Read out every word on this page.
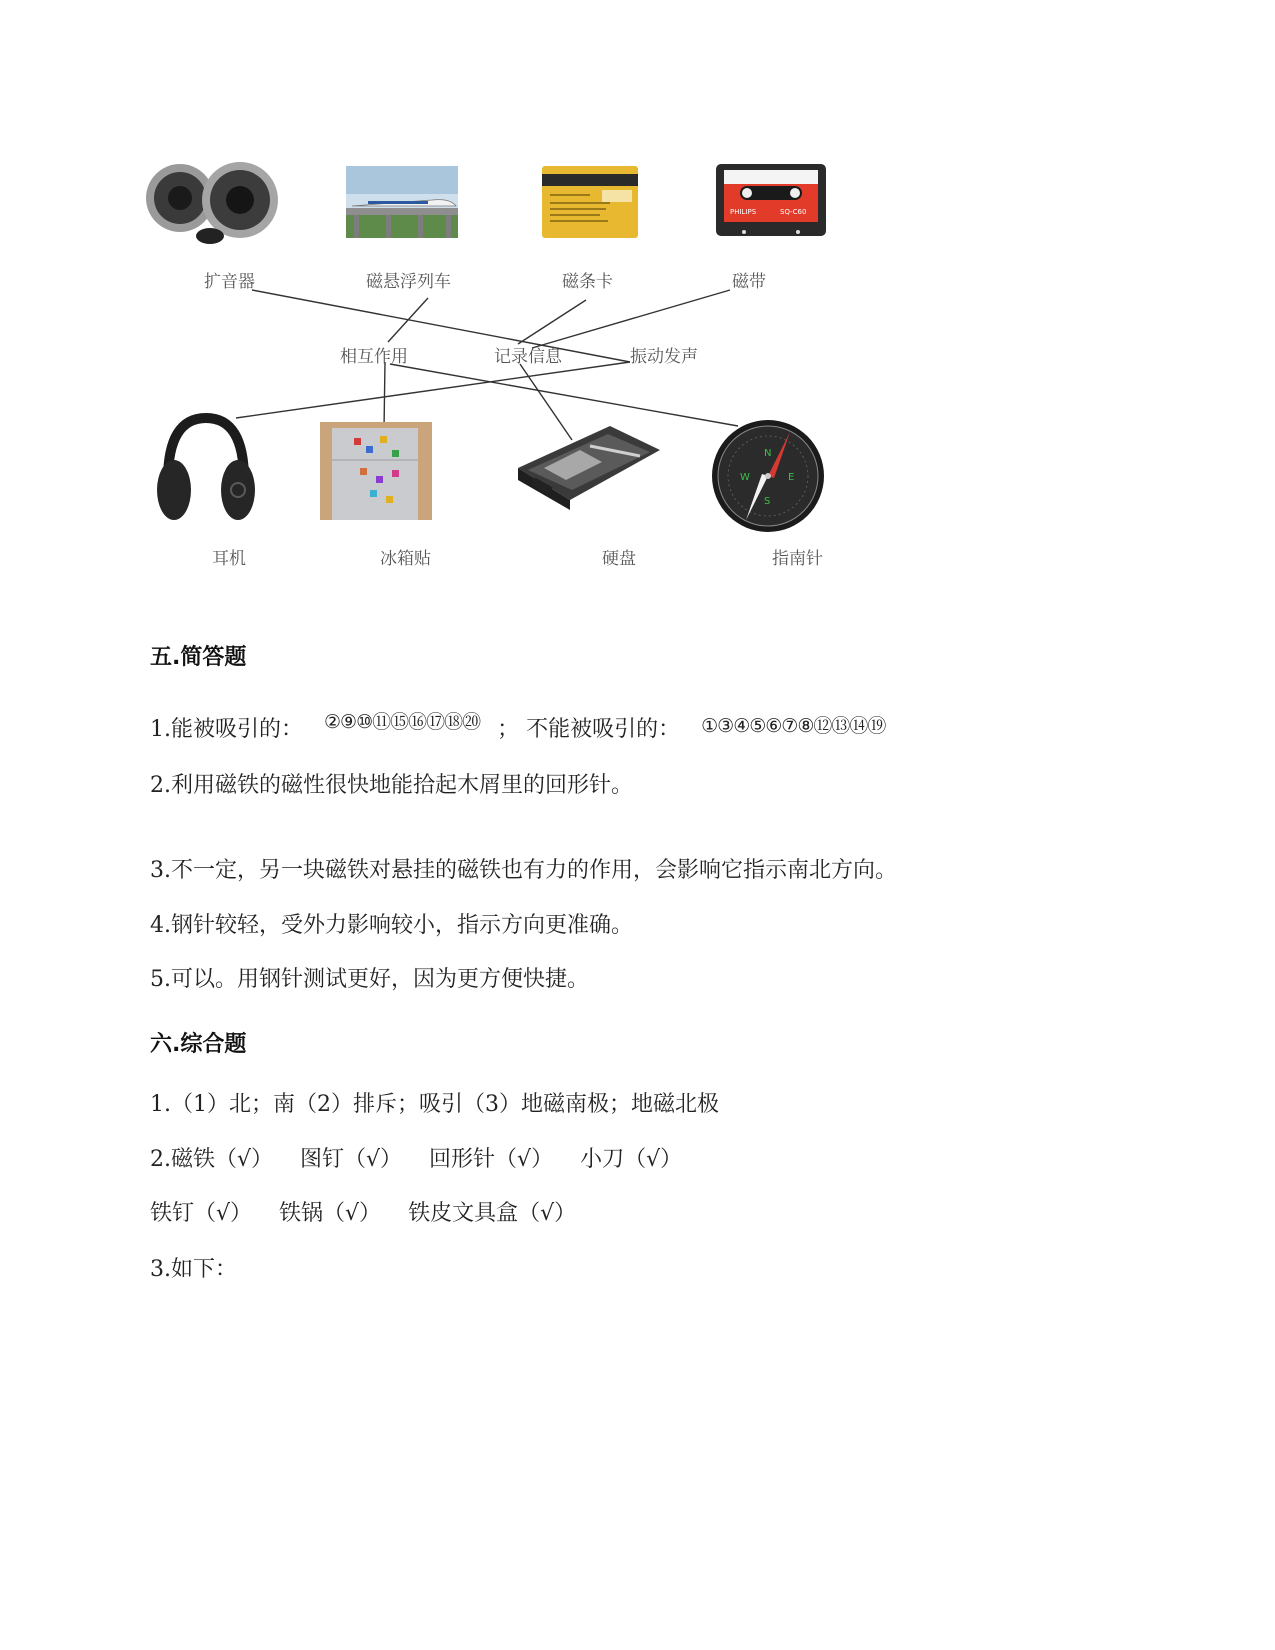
PHILIPS	SQ-C60
扩音器	磁悬浮列车	磁条卡	磁带
相互作用	记录信息	振动发声
N
S
E
W
耳机	冰箱贴	硬盘	指南针
五.简答题
1.能被吸引的： ②⑨⑩⑪⑮⑯⑰⑱⑳ ； 不能被吸引的： ①③④⑤⑥⑦⑧⑫⑬⑭⑲
2.利用磁铁的磁性很快地能拾起木屑里的回形针。
3.不一定，另一块磁铁对悬挂的磁铁也有力的作用，会影响它指示南北方向。
4.钢针较轻，受外力影响较小，指示方向更准确。
5.可以。用钢针测试更好，因为更方便快捷。
六.综合题
1.（1）北；南（2）排斥；吸引（3）地磁南极；地磁北极
2.磁铁（√） 图钉（√） 回形针（√） 小刀（√）
铁钉（√） 铁锅（√） 铁皮文具盒（√）
3.如下：
